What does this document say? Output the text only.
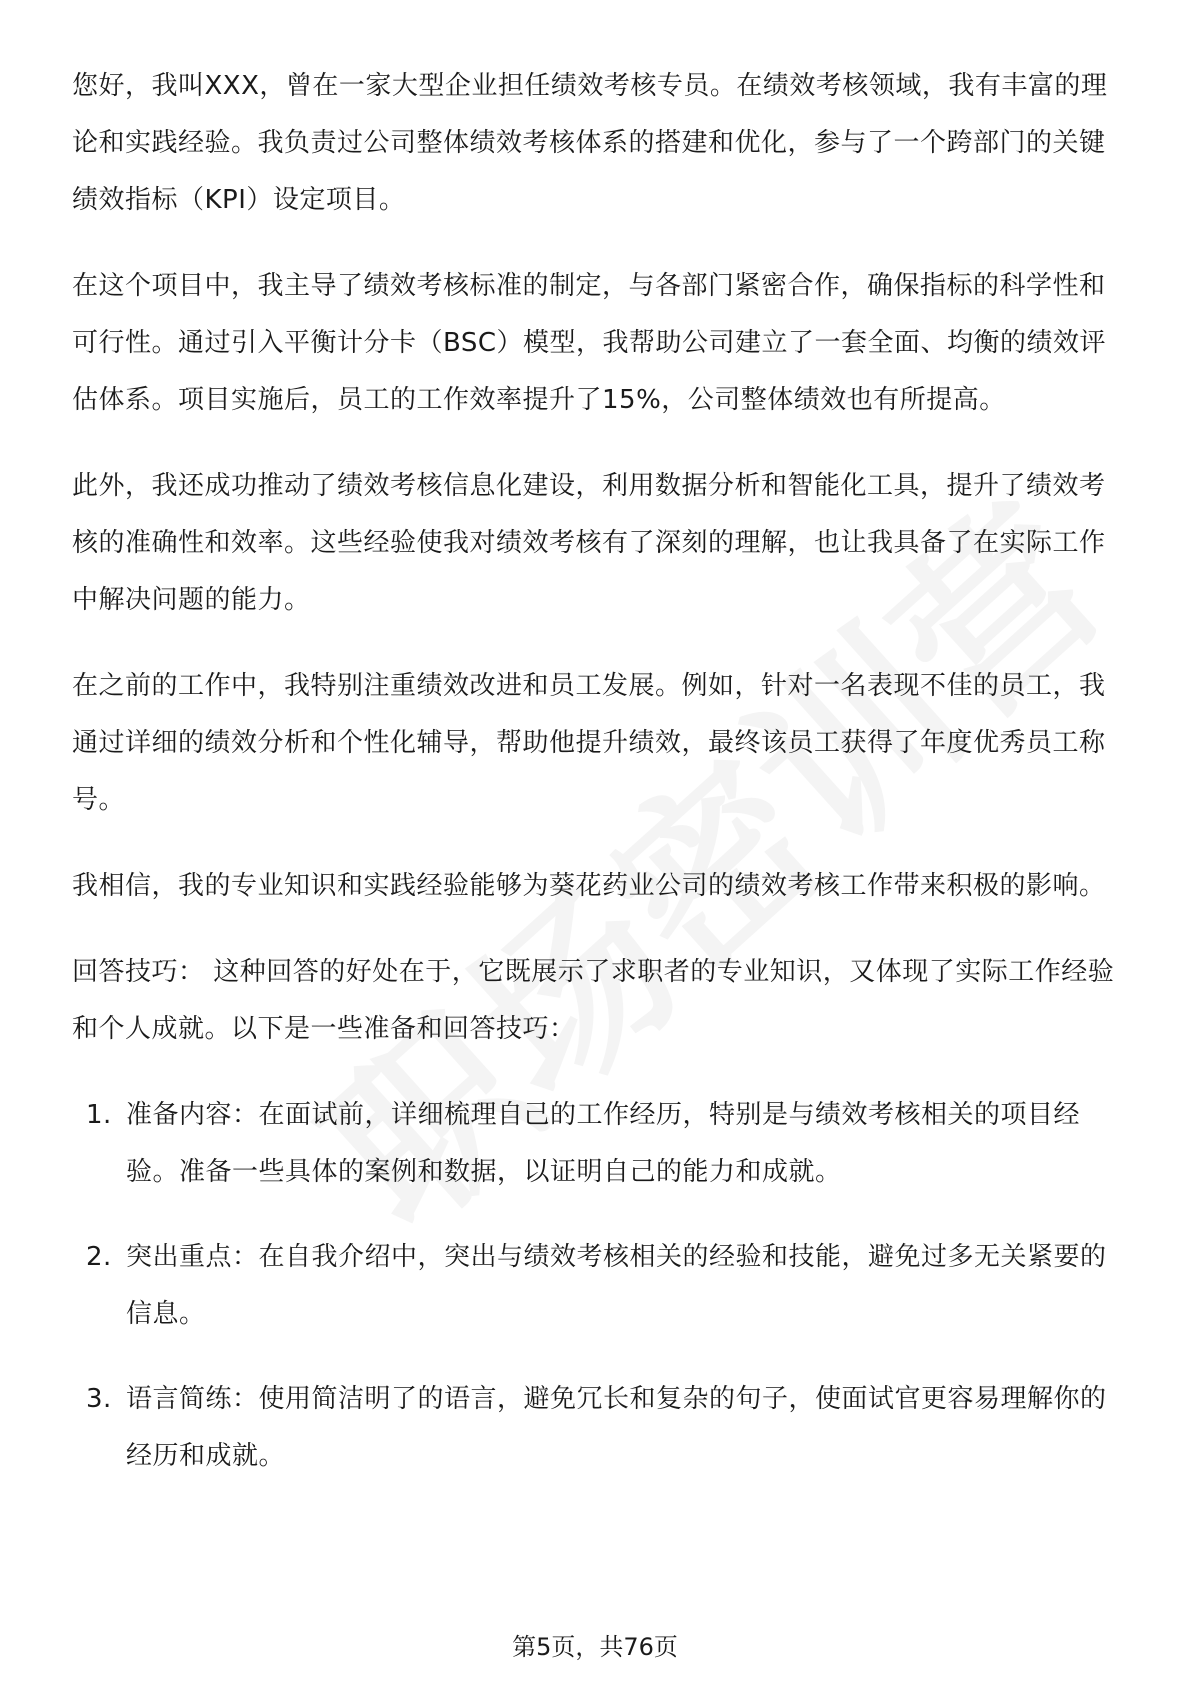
您好，我叫XXX，曾在一家大型企业担任绩效考核专员。在绩效考核领域，我有丰富的理论和实践经验。我负责过公司整体绩效考核体系的搭建和优化，参与了一个跨部门的关键绩效指标（KPI）设定项目。

在这个项目中，我主导了绩效考核标准的制定，与各部门紧密合作，确保指标的科学性和可行性。通过引入平衡计分卡（BSC）模型，我帮助公司建立了一套全面、均衡的绩效评估体系。项目实施后，员工的工作效率提升了15%，公司整体绩效也有所提高。

此外，我还成功推动了绩效考核信息化建设，利用数据分析和智能化工具，提升了绩效考核的准确性和效率。这些经验使我对绩效考核有了深刻的理解，也让我具备了在实际工作中解决问题的能力。

在之前的工作中，我特别注重绩效改进和员工发展。例如，针对一名表现不佳的员工，我通过详细的绩效分析和个性化辅导，帮助他提升绩效，最终该员工获得了年度优秀员工称号。

我相信，我的专业知识和实践经验能够为葵花药业公司的绩效考核工作带来积极的影响。

回答技巧： 这种回答的好处在于，它既展示了求职者的专业知识，又体现了实际工作经验和个人成就。以下是一些准备和回答技巧：

1. 准备内容：在面试前，详细梳理自己的工作经历，特别是与绩效考核相关的项目经验。准备一些具体的案例和数据，以证明自己的能力和成就。
2. 突出重点：在自我介绍中，突出与绩效考核相关的经验和技能，避免过多无关紧要的信息。
3. 语言简练：使用简洁明了的语言，避免冗长和复杂的句子，使面试官更容易理解你的经历和成就。
第5页，共76页
